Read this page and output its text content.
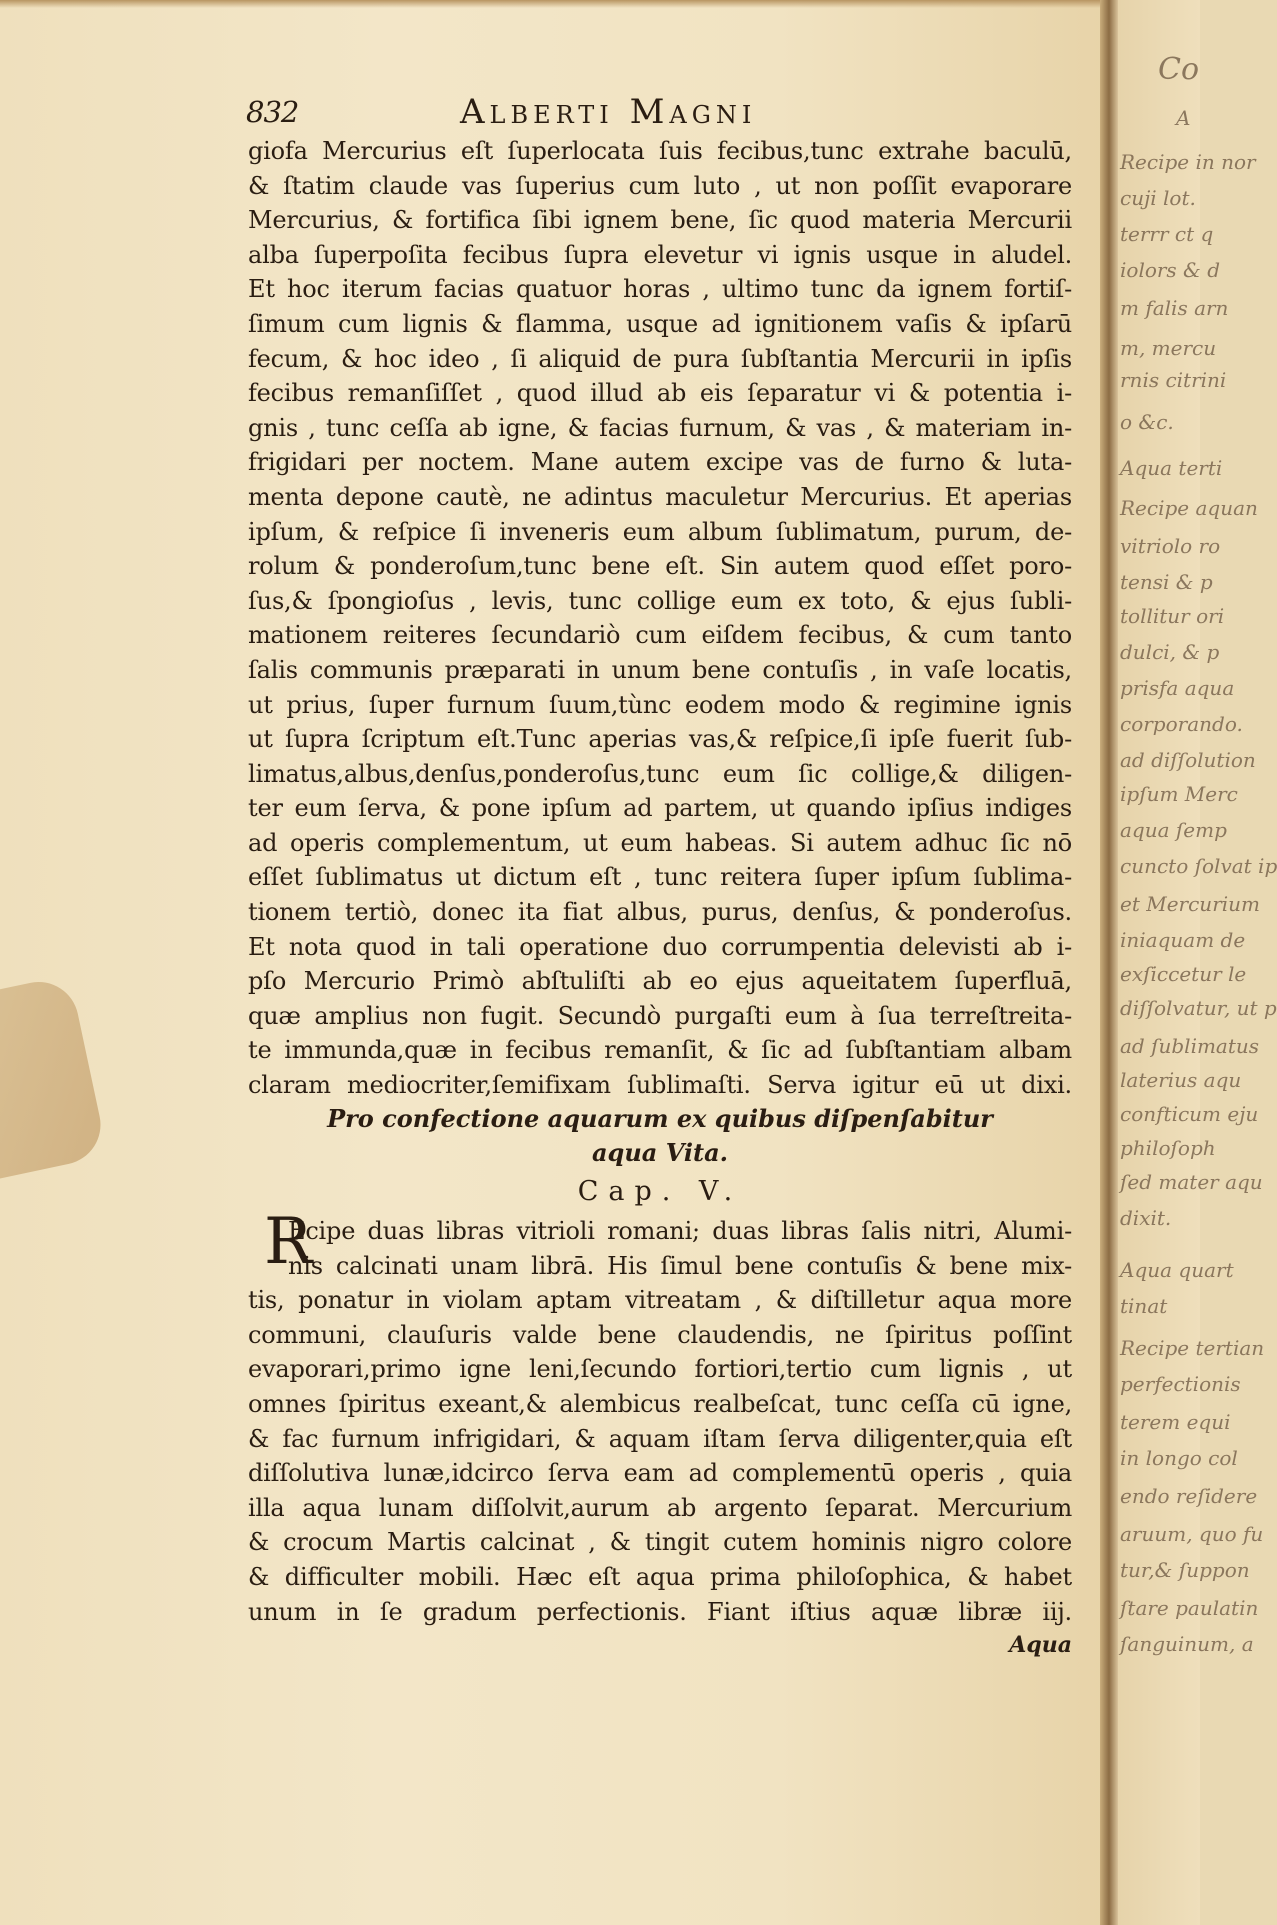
Co
A
Recipe in nor
cuji lot.
terrr ct q
iolors & d
m falis arn
m, mercu
rnis citrini
o &c.
Aqua terti
Recipe aquan
vitriolo ro
tensi & p
tollitur ori
dulci, & p
prisfa aqua
corporando.
ad diſſolution
ipſum Merc
aqua ſemp
cuncto ſolvat ip
et Mercurium
iniaquam de
exſiccetur le
diſſolvatur, ut p
ad ſublimatus
laterius aqu
confticum eju
philoſoph
ſed mater aqu
dixit.
Aqua quart
tinat
Recipe tertian
perfectionis
terem equi
in longo col
endo reſidere
aruum, quo fu
tur,& ſuppon
ſtare paulatin
ſanguinum, a
832	Alberti Magni
giofa Mercurius eſt ſuperlocata ſuis fecibus,tunc extrahe baculū,
& ſtatim claude vas ſuperius cum luto , ut non poſſit evaporare
Mercurius, & fortifica ſibi ignem bene, ſic quod materia Mercurii
alba ſuperpoſita fecibus ſupra elevetur vi ignis usque in aludel.
Et hoc iterum facias quatuor horas , ultimo tunc da ignem fortiſ-
ſimum cum lignis & flamma, usque ad ignitionem vaſis & ipſarū
fecum, & hoc ideo , ſi aliquid de pura ſubſtantia Mercurii in ipſis
fecibus remanſiſſet , quod illud ab eis ſeparatur vi & potentia i-
gnis , tunc ceſſa ab igne, & facias furnum, & vas , & materiam in-
frigidari per noctem. Mane autem excipe vas de furno & luta-
menta depone cautè, ne adintus maculetur Mercurius. Et aperias
ipſum, & reſpice ſi inveneris eum album ſublimatum, purum, de-
rolum & ponderoſum,tunc bene eſt. Sin autem quod eſſet poro-
ſus,& ſpongioſus , levis, tunc collige eum ex toto, & ejus ſubli-
mationem reiteres ſecundariò cum eiſdem fecibus, & cum tanto
ſalis communis præparati in unum bene contuſis , in vaſe locatis,
ut prius, ſuper furnum ſuum,tùnc eodem modo & regimine ignis
ut ſupra ſcriptum eſt.Tunc aperias vas,& reſpice,ſi ipſe fuerit ſub-
limatus,albus,denſus,ponderoſus,tunc eum ſic collige,& diligen-
ter eum ſerva, & pone ipſum ad partem, ut quando ipſius indiges
ad operis complementum, ut eum habeas. Si autem adhuc ſic nō
eſſet ſublimatus ut dictum eſt , tunc reitera ſuper ipſum ſublima-
tionem tertiò, donec ita fiat albus, purus, denſus, & ponderoſus.
Et nota quod in tali operatione duo corrumpentia delevisti ab i-
pſo Mercurio Primò abſtuliſti ab eo ejus aqueitatem ſuperfluā,
quæ amplius non fugit. Secundò purgaſti eum à ſua terreſtreita-
te immunda,quæ in fecibus remanſit, & ſic ad ſubſtantiam albam
claram mediocriter,ſemifixam ſublimaſti. Serva igitur eū ut dixi.
Pro confectione aquarum ex quibus diſpenſabitur
aqua Vita.
Cap. V.
R
Ecipe duas libras vitrioli romani; duas libras ſalis nitri, Alumi-
nis calcinati unam librā. His ſimul bene contuſis & bene mix-
tis, ponatur in violam aptam vitreatam , & diſtilletur aqua more
communi, clauſuris valde bene claudendis, ne ſpiritus poſſint
evaporari,primo igne leni,ſecundo fortiori,tertio cum lignis , ut
omnes ſpiritus exeant,& alembicus realbeſcat, tunc ceſſa cū igne,
& fac furnum infrigidari, & aquam iſtam ſerva diligenter,quia eſt
diſſolutiva lunæ,idcirco ſerva eam ad complementū operis , quia
illa aqua lunam diſſolvit,aurum ab argento ſeparat. Mercurium
& crocum Martis calcinat , & tingit cutem hominis nigro colore
& difficulter mobili. Hæc eſt aqua prima philoſophica, & habet
unum in ſe gradum perfectionis. Fiant iſtius aquæ libræ iij.
Aqua
